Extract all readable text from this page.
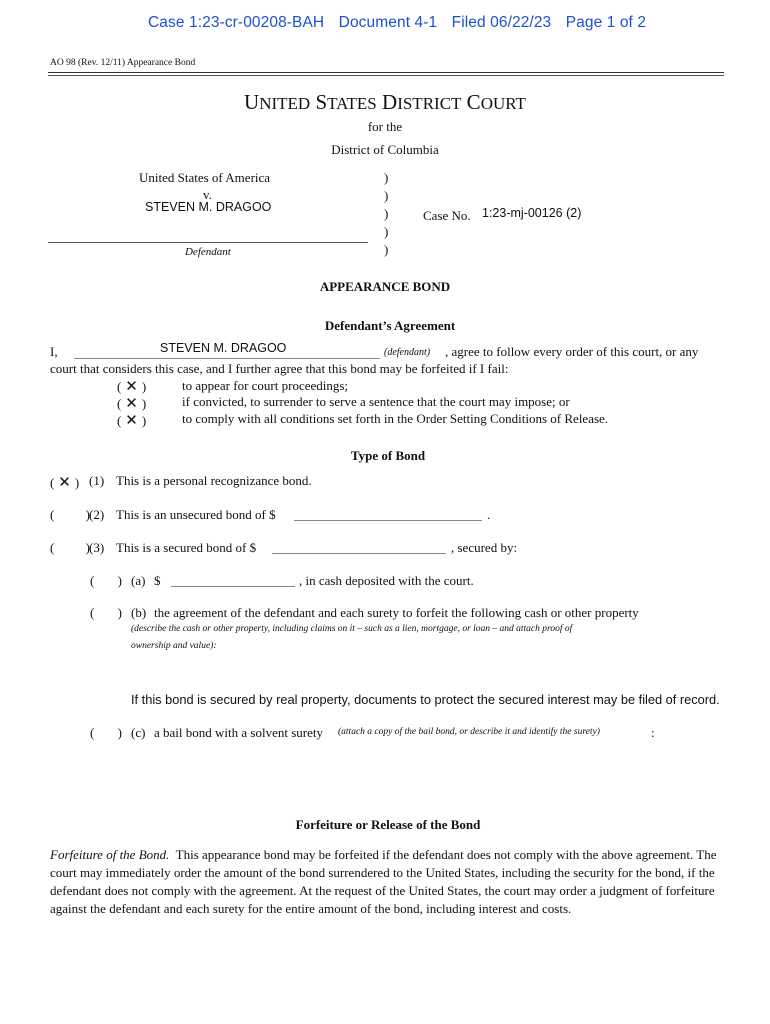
Case 1:23-cr-00208-BAH Document 4-1 Filed 06/22/23 Page 1 of 2
AO 98 (Rev. 12/11) Appearance Bond
UNITED STATES DISTRICT COURT
for the
District of Columbia
United States of America
v.
STEVEN M. DRAGOO
Defendant
)
)
)
)
)
Case No. 1:23-mj-00126 (2)
APPEARANCE BOND
Defendant’s Agreement
I,	STEVEN M. DRAGOO	(defendant) , agree to follow every order of this court, or any
court that considers this case, and I further agree that this bond may be forfeited if I fail:
( ✕ )	to appear for court proceedings;
( ✕ )	if convicted, to surrender to serve a sentence that the court may impose; or
( ✕ )	to comply with all conditions set forth in the Order Setting Conditions of Release.
Type of Bond
( ✕ ) (1) This is a personal recognizance bond.
( ) (2) This is an unsecured bond of $	.
( ) (3) This is a secured bond of $	, secured by:
( ) (a) $	, in cash deposited with the court.
( ) (b) the agreement of the defendant and each surety to forfeit the following cash or other property
(describe the cash or other property, including claims on it – such as a lien, mortgage, or loan – and attach proof of
ownership and value):
If this bond is secured by real property, documents to protect the secured interest may be filed of record.
( ) (c) a bail bond with a solvent surety (attach a copy of the bail bond, or describe it and identify the surety)	:
Forfeiture or Release of the Bond
Forfeiture of the Bond. This appearance bond may be forfeited if the defendant does not comply with the above agreement. The court may immediately order the amount of the bond surrendered to the United States, including the security for the bond, if the defendant does not comply with the agreement. At the request of the United States, the court may order a judgment of forfeiture against the defendant and each surety for the entire amount of the bond, including interest and costs.
